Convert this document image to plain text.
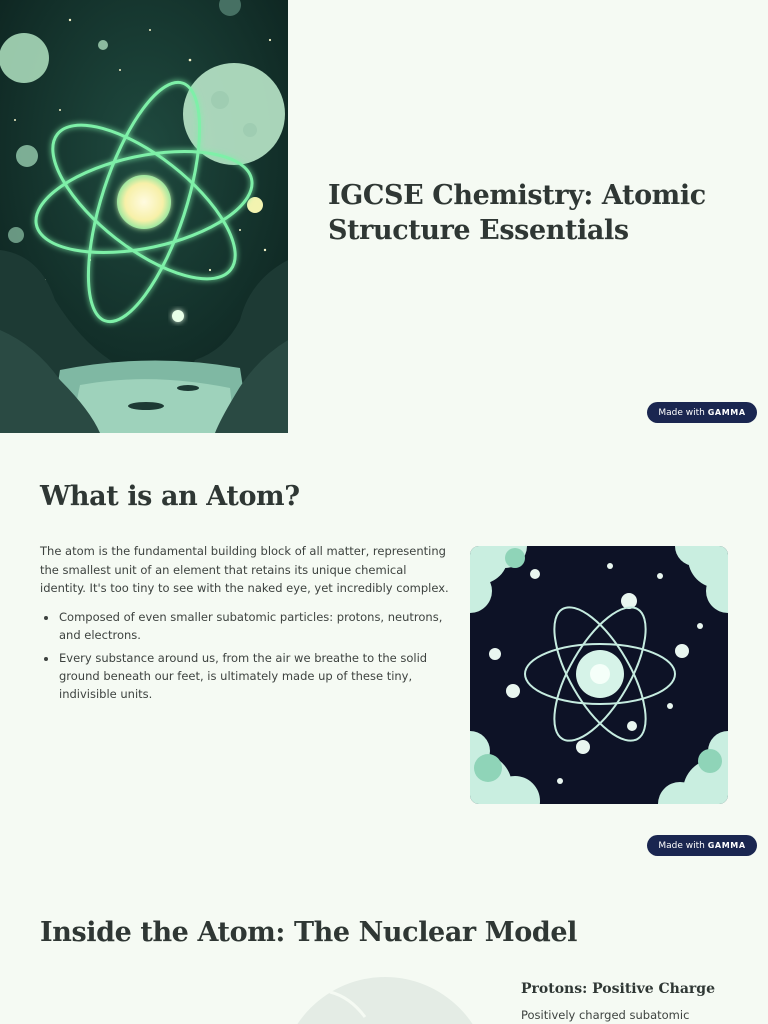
IGCSE Chemistry: Atomic Structure Essentials
Made with GAMMA
What is an Atom?

The atom is the fundamental building block of all matter, representing the smallest unit of an element that retains its unique chemical identity. It's too tiny to see with the naked eye, yet incredibly complex.

Composed of even smaller subatomic particles: protons, neutrons, and electrons.
Every substance around us, from the air we breathe to the solid ground beneath our feet, is ultimately made up of these tiny, indivisible units.
Made with GAMMA
Inside the Atom: The Nuclear Model
Protons: Positive Charge

Positively charged subatomic
